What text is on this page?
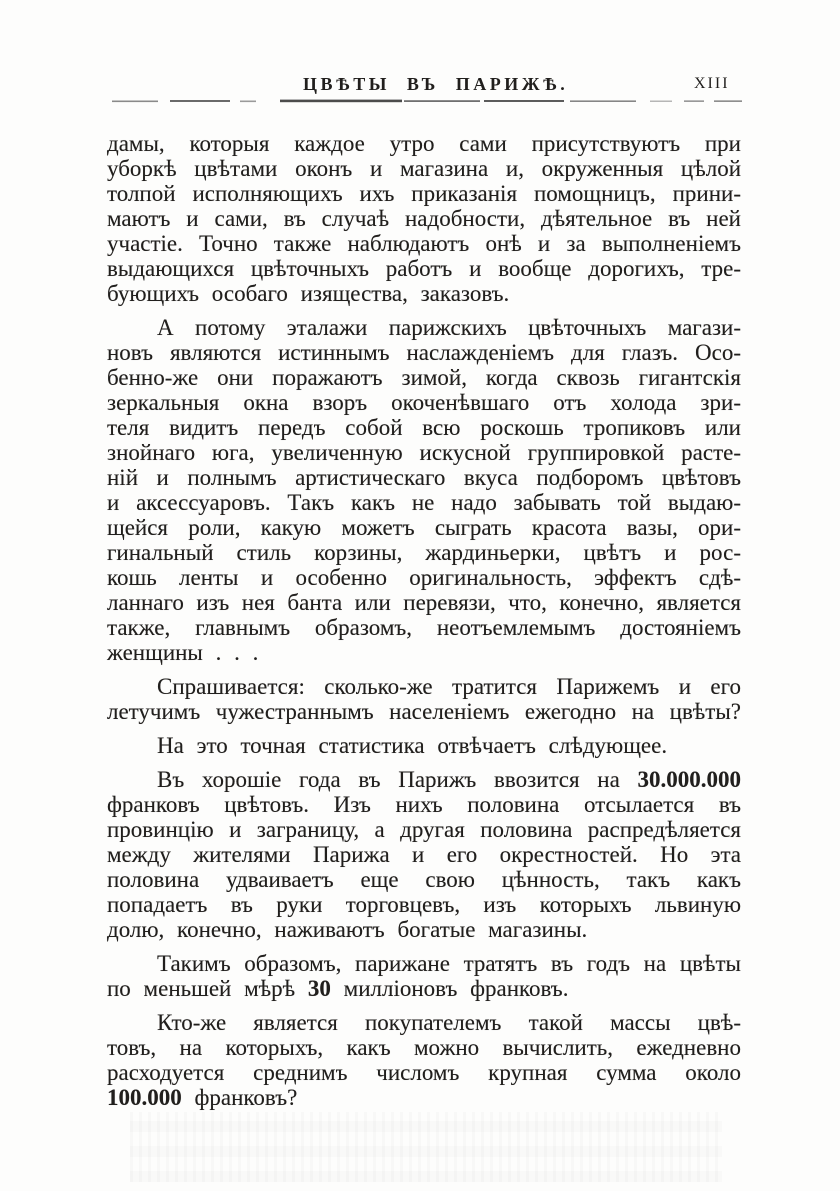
ЦВѢТЫ ВЪ ПАРИЖѢ.	XIII
дамы, которыя каждое утро сами присутствуютъ при
уборкѣ цвѣтами оконъ и магазина и, окруженныя цѣлой
толпой исполняющихъ ихъ приказанія помощницъ, прини-
маютъ и сами, въ случаѣ надобности, дѣятельное въ ней
участіе. Точно также наблюдаютъ онѣ и за выполненіемъ
выдающихся цвѣточныхъ работъ и вообще дорогихъ, тре-
бующихъ особаго изящества, заказовъ.
А потому эталажи парижскихъ цвѣточныхъ магази-
новъ являются истиннымъ наслажденіемъ для глазъ. Осо-
бенно-же они поражаютъ зимой, когда сквозь гигантскія
зеркальныя окна взоръ окоченѣвшаго отъ холода зри-
теля видитъ передъ собой всю роскошь тропиковъ или
знойнаго юга, увеличенную искусной группировкой расте-
ній и полнымъ артистическаго вкуса подборомъ цвѣтовъ
и аксессуаровъ. Такъ какъ не надо забывать той выдаю-
щейся роли, какую можетъ сыграть красота вазы, ори-
гинальный стиль корзины, жардиньерки, цвѣтъ и рос-
кошь ленты и особенно оригинальность, эффектъ сдѣ-
ланнаго изъ нея банта или перевязи, что, конечно, является
также, главнымъ образомъ, неотъемлемымъ достояніемъ
женщины . . .
Спрашивается: сколько-же тратится Парижемъ и его
летучимъ чужестраннымъ населеніемъ ежегодно на цвѣты?
На это точная статистика отвѣчаетъ слѣдующее.
Въ хорошіе года въ Парижъ ввозится на 30.000.000
франковъ цвѣтовъ. Изъ нихъ половина отсылается въ
провинцію и заграницу, а другая половина распредѣляется
между жителями Парижа и его окрестностей. Но эта
половина удваиваетъ еще свою цѣнность, такъ какъ
попадаетъ въ руки торговцевъ, изъ которыхъ львиную
долю, конечно, наживаютъ богатые магазины.
Такимъ образомъ, парижане тратятъ въ годъ на цвѣты
по меньшей мѣрѣ 30 милліоновъ франковъ.
Кто-же является покупателемъ такой массы цвѣ-
товъ, на которыхъ, какъ можно вычислить, ежедневно
расходуется среднимъ числомъ крупная сумма около
100.000 франковъ?
